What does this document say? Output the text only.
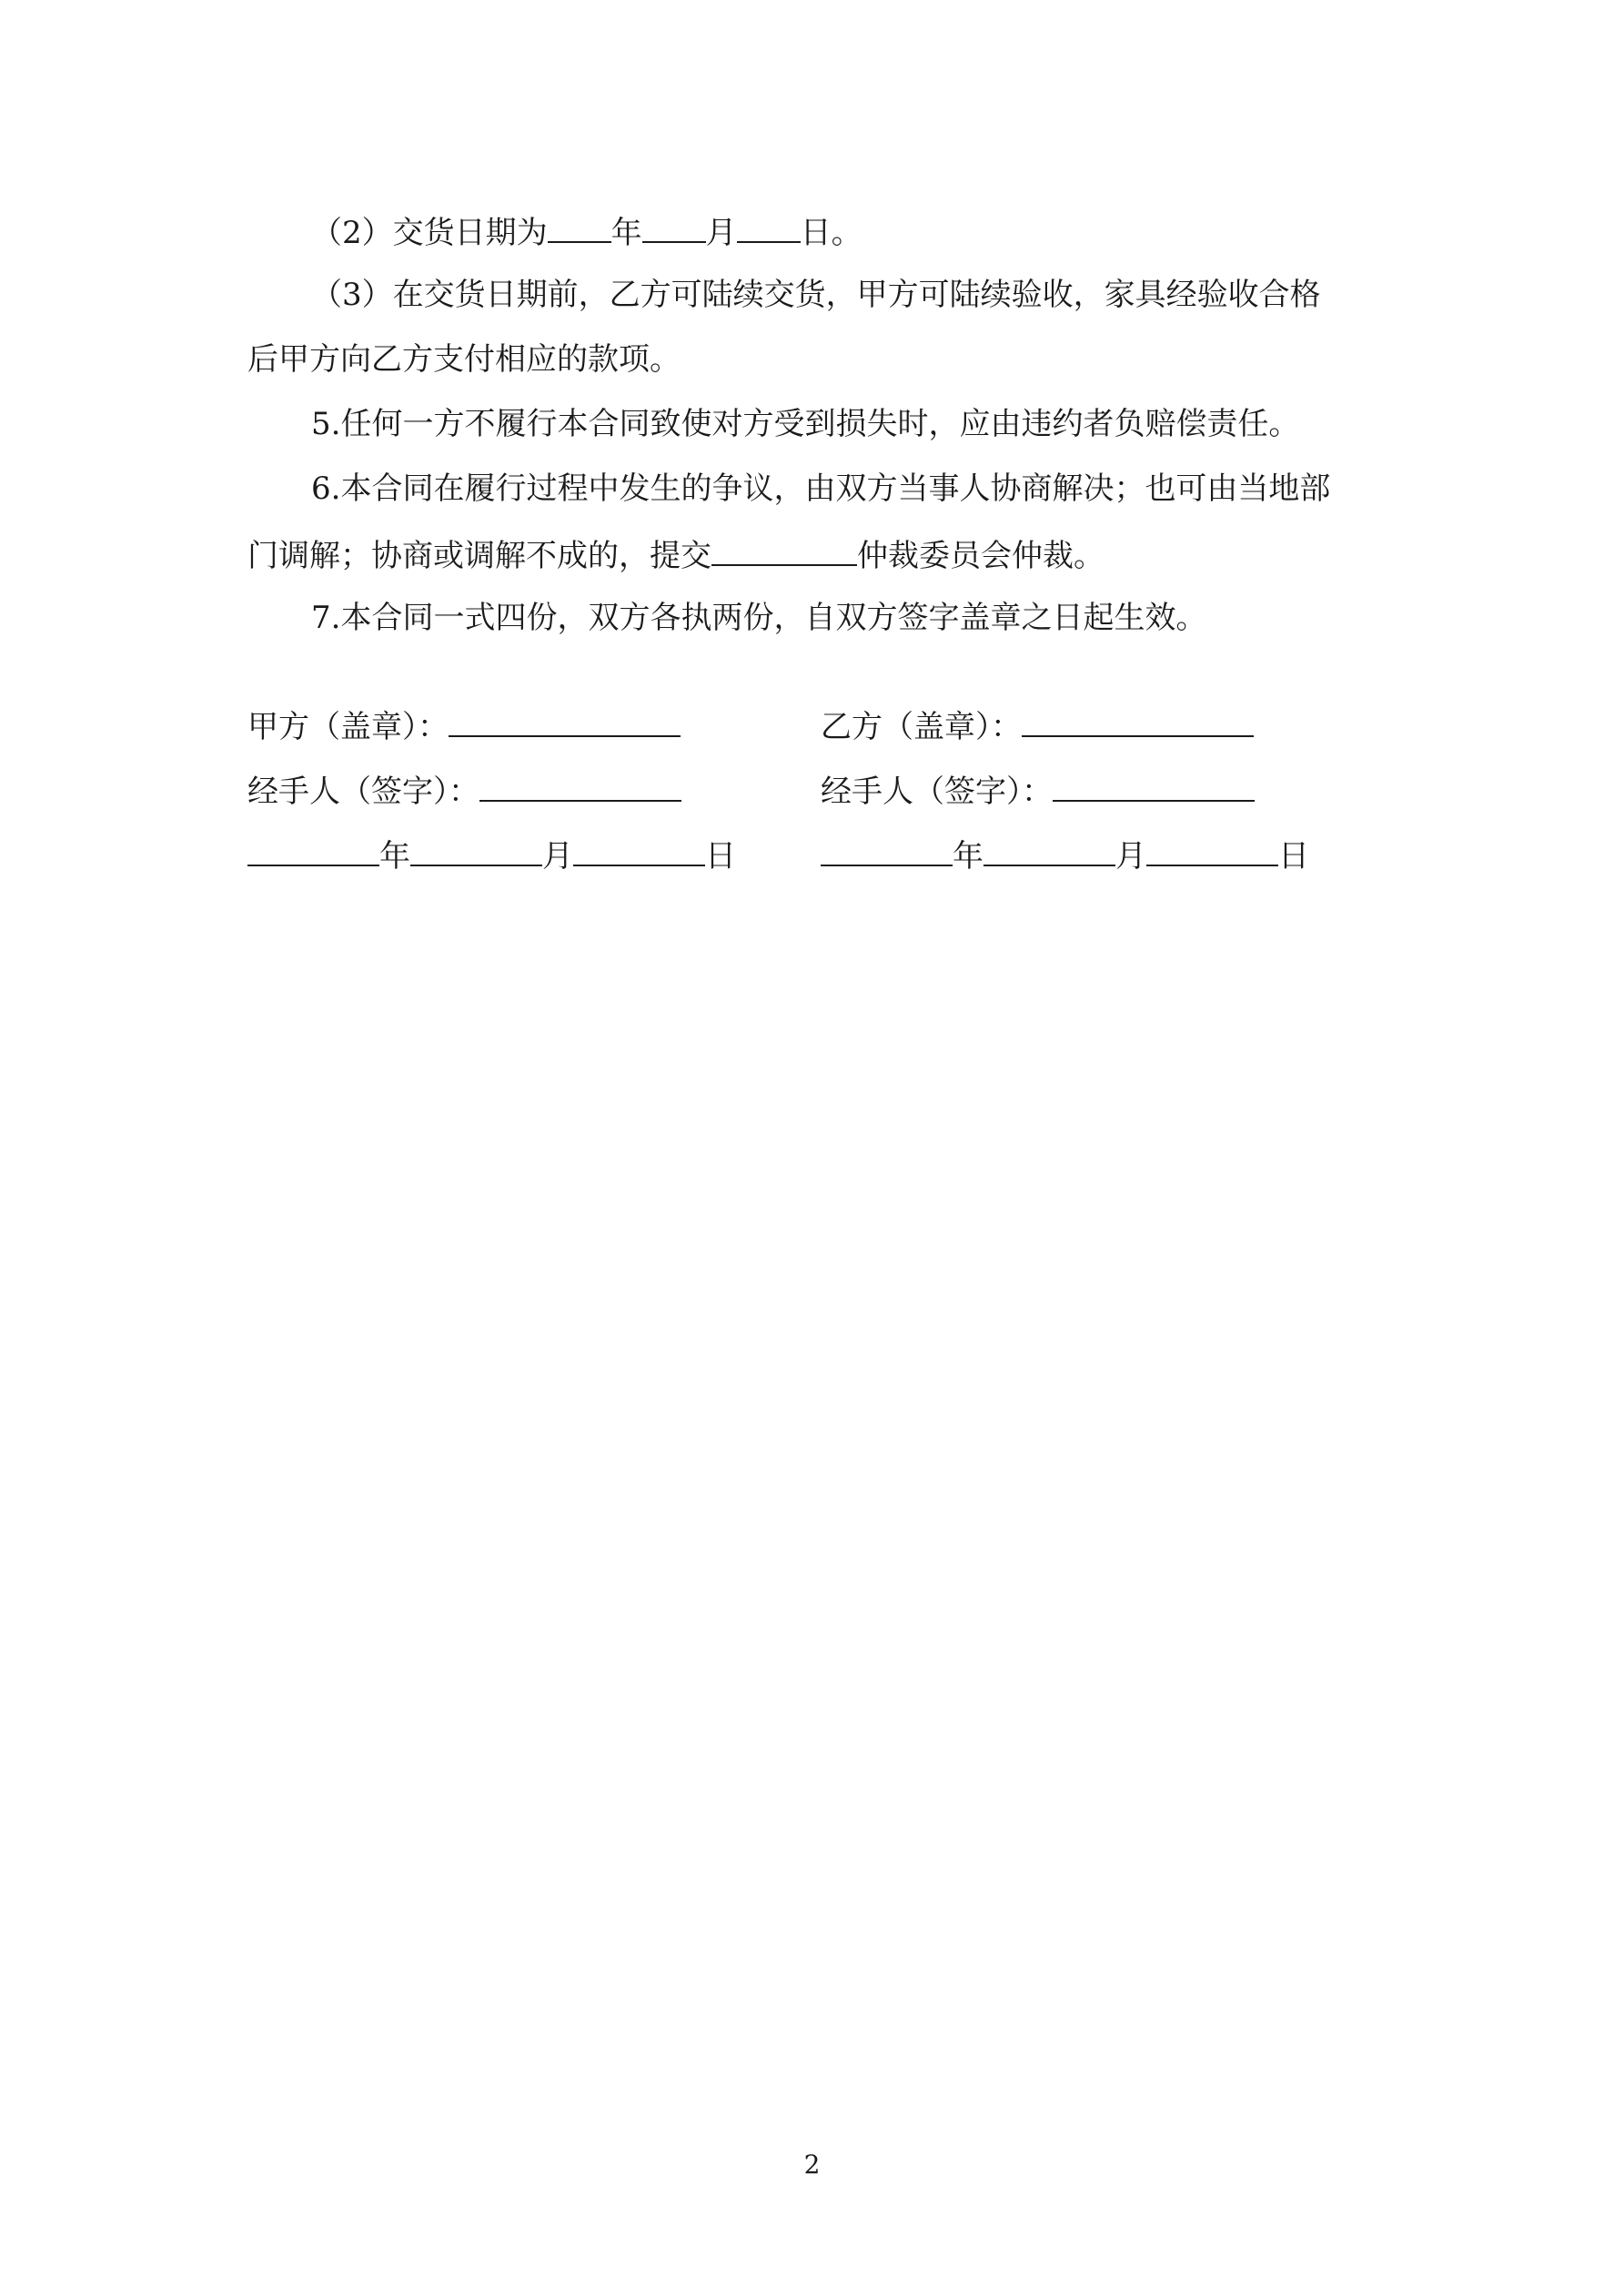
（2）交货日期为 年 月 日。
（3）在交货日期前，乙方可陆续交货，甲方可陆续验收，家具经验收合格
后甲方向乙方支付相应的款项。
5.任何一方不履行本合同致使对方受到损失时，应由违约者负赔偿责任。
6.本合同在履行过程中发生的争议，由双方当事人协商解决；也可由当地部
门调解；协商或调解不成的，提交	仲裁委员会仲裁。
7.本合同一式四份，双方各执两份，自双方签字盖章之日起生效。
甲方（盖章）：
经手人（签字）：
年	月	日
乙方（盖章）：
经手人（签字）：
年	月	日
2
